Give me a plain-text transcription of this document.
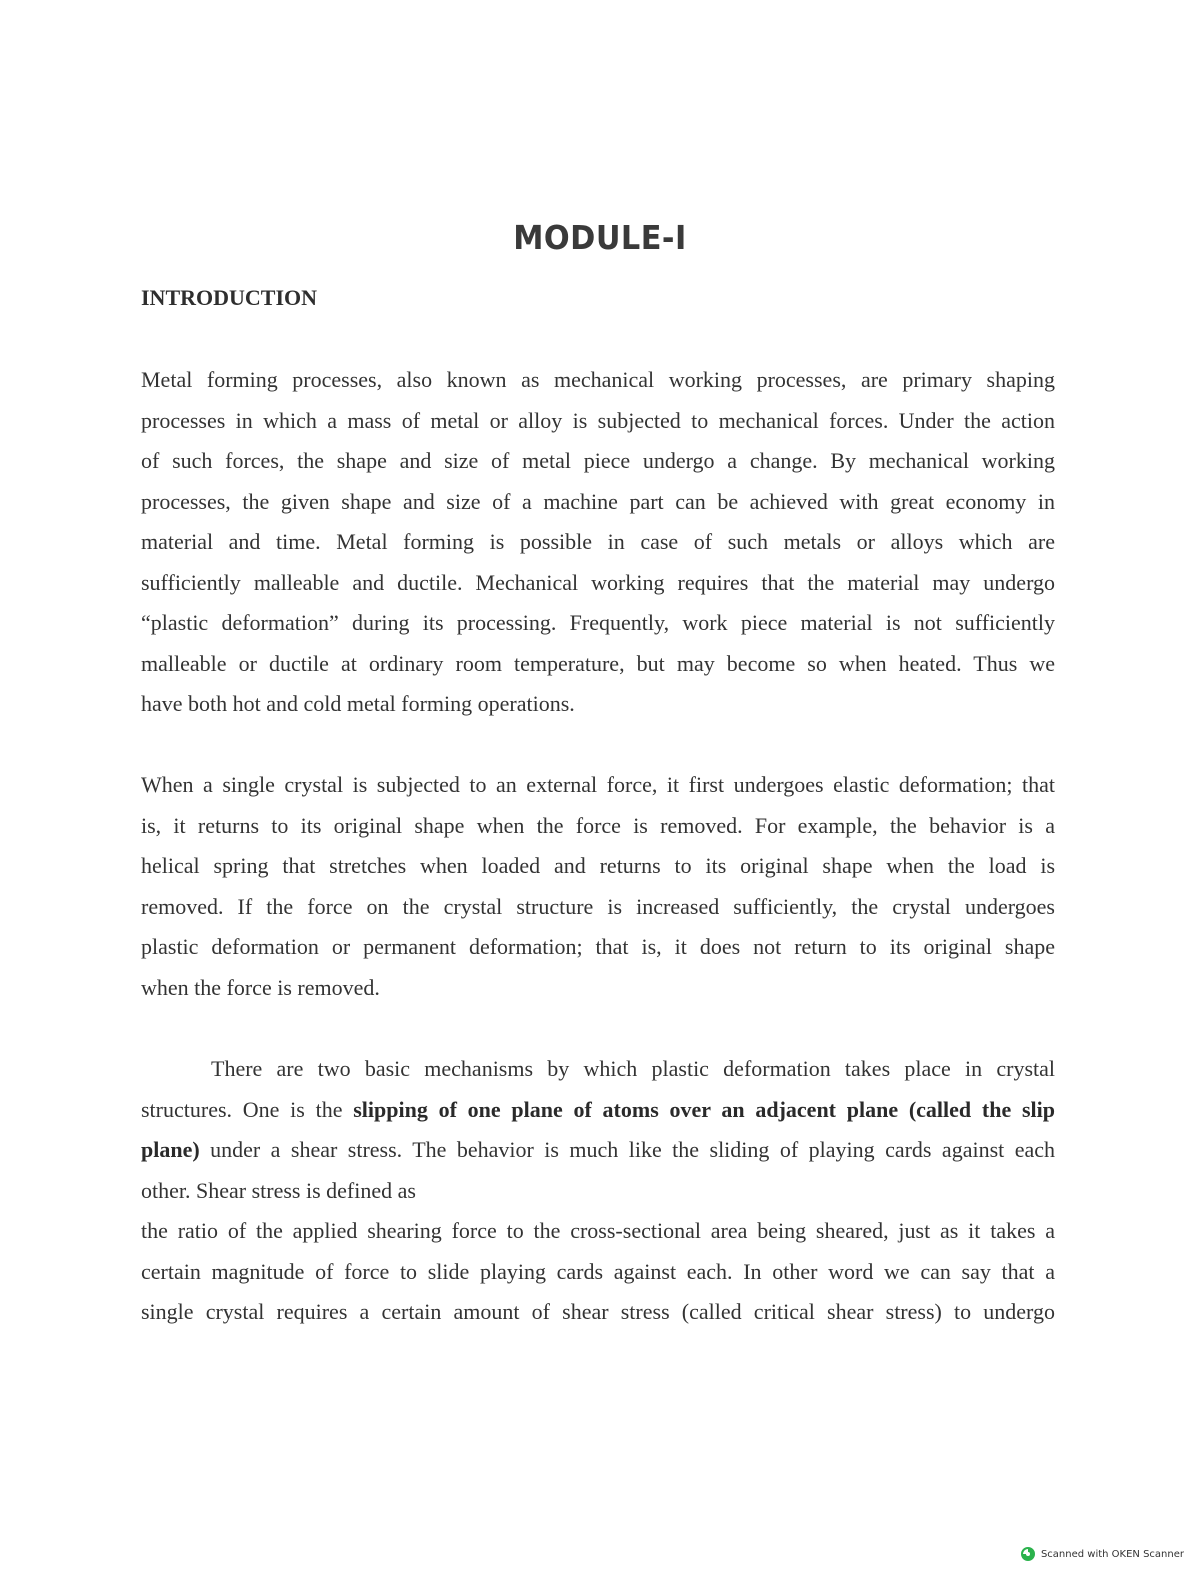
MODULE-I
INTRODUCTION
Metal forming processes, also known as mechanical working processes, are primary shaping
processes in which a mass of metal or alloy is subjected to mechanical forces. Under the action
of such forces, the shape and size of metal piece undergo a change. By mechanical working
processes, the given shape and size of a machine part can be achieved with great economy in
material and time. Metal forming is possible in case of such metals or alloys which are
sufficiently malleable and ductile. Mechanical working requires that the material may undergo
“plastic deformation” during its processing. Frequently, work piece material is not sufficiently
malleable or ductile at ordinary room temperature, but may become so when heated. Thus we
have both hot and cold metal forming operations.
When a single crystal is subjected to an external force, it first undergoes elastic deformation; that
is, it returns to its original shape when the force is removed. For example, the behavior is a
helical spring that stretches when loaded and returns to its original shape when the load is
removed. If the force on the crystal structure is increased sufficiently, the crystal undergoes
plastic deformation or permanent deformation; that is, it does not return to its original shape
when the force is removed.
There are two basic mechanisms by which plastic deformation takes place in crystal
structures. One is the slipping of one plane of atoms over an adjacent plane (called the slip
plane) under a shear stress. The behavior is much like the sliding of playing cards against each
other. Shear stress is defined as
the ratio of the applied shearing force to the cross-sectional area being sheared, just as it takes a
certain magnitude of force to slide playing cards against each. In other word we can say that a
single crystal requires a certain amount of shear stress (called critical shear stress) to undergo
Scanned with OKEN Scanner
